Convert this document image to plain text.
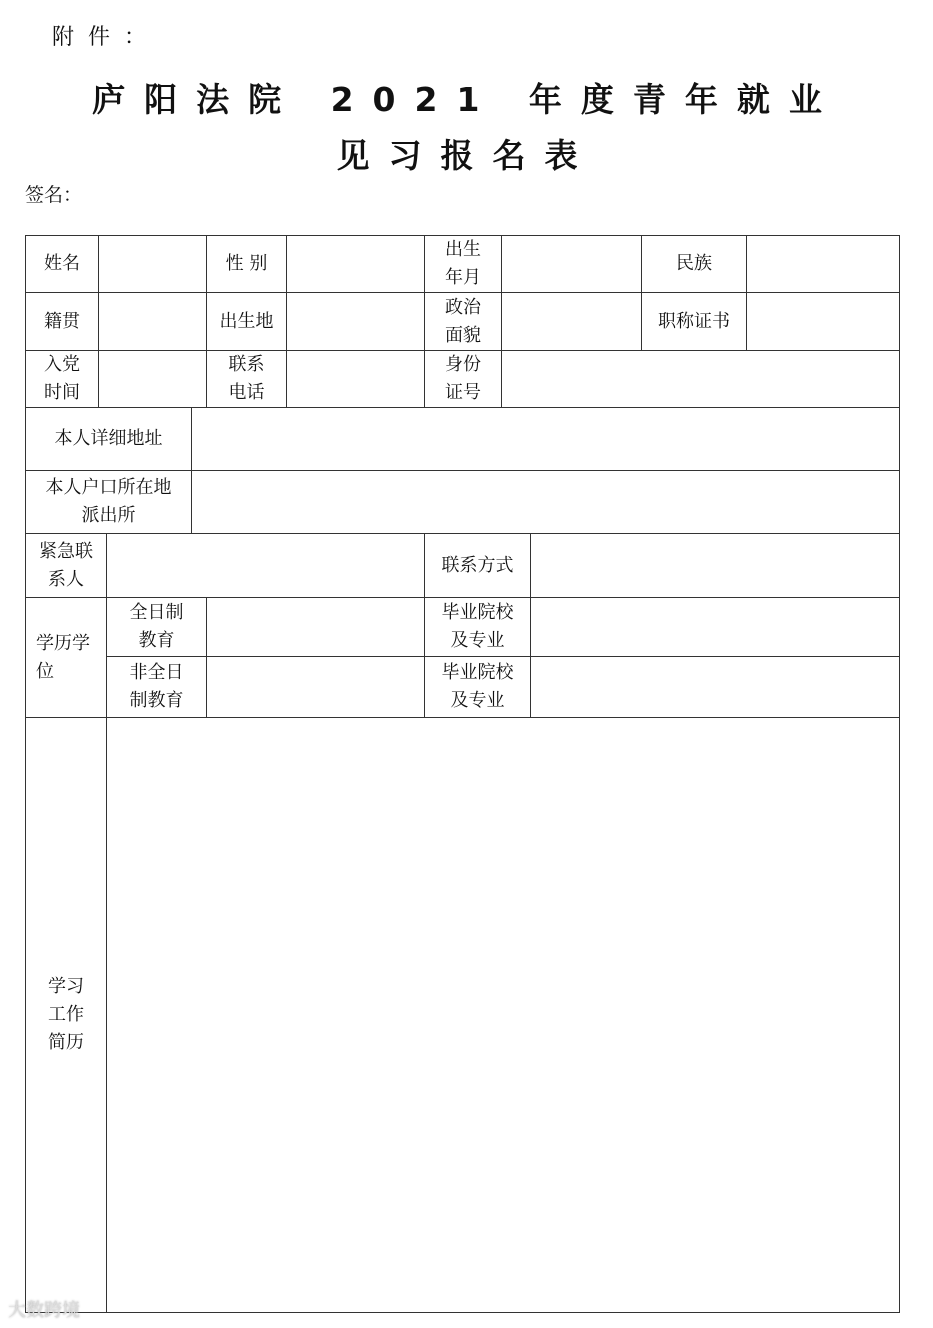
附件：
庐阳法院 2021 年度青年就业
见习报名表
签名：
姓名	性 别
出生
年月
民族
籍贯	出生地
政治
面貌
职称证书
入党
时间
联系
电话
身份
证号
本人详细地址
本人户口所在地
派出所
紧急联
系人
联系方式
学历学
位
全日制
教育
毕业院校
及专业
非全日
制教育
毕业院校
及专业
学习
工作
简历
大数跨境
